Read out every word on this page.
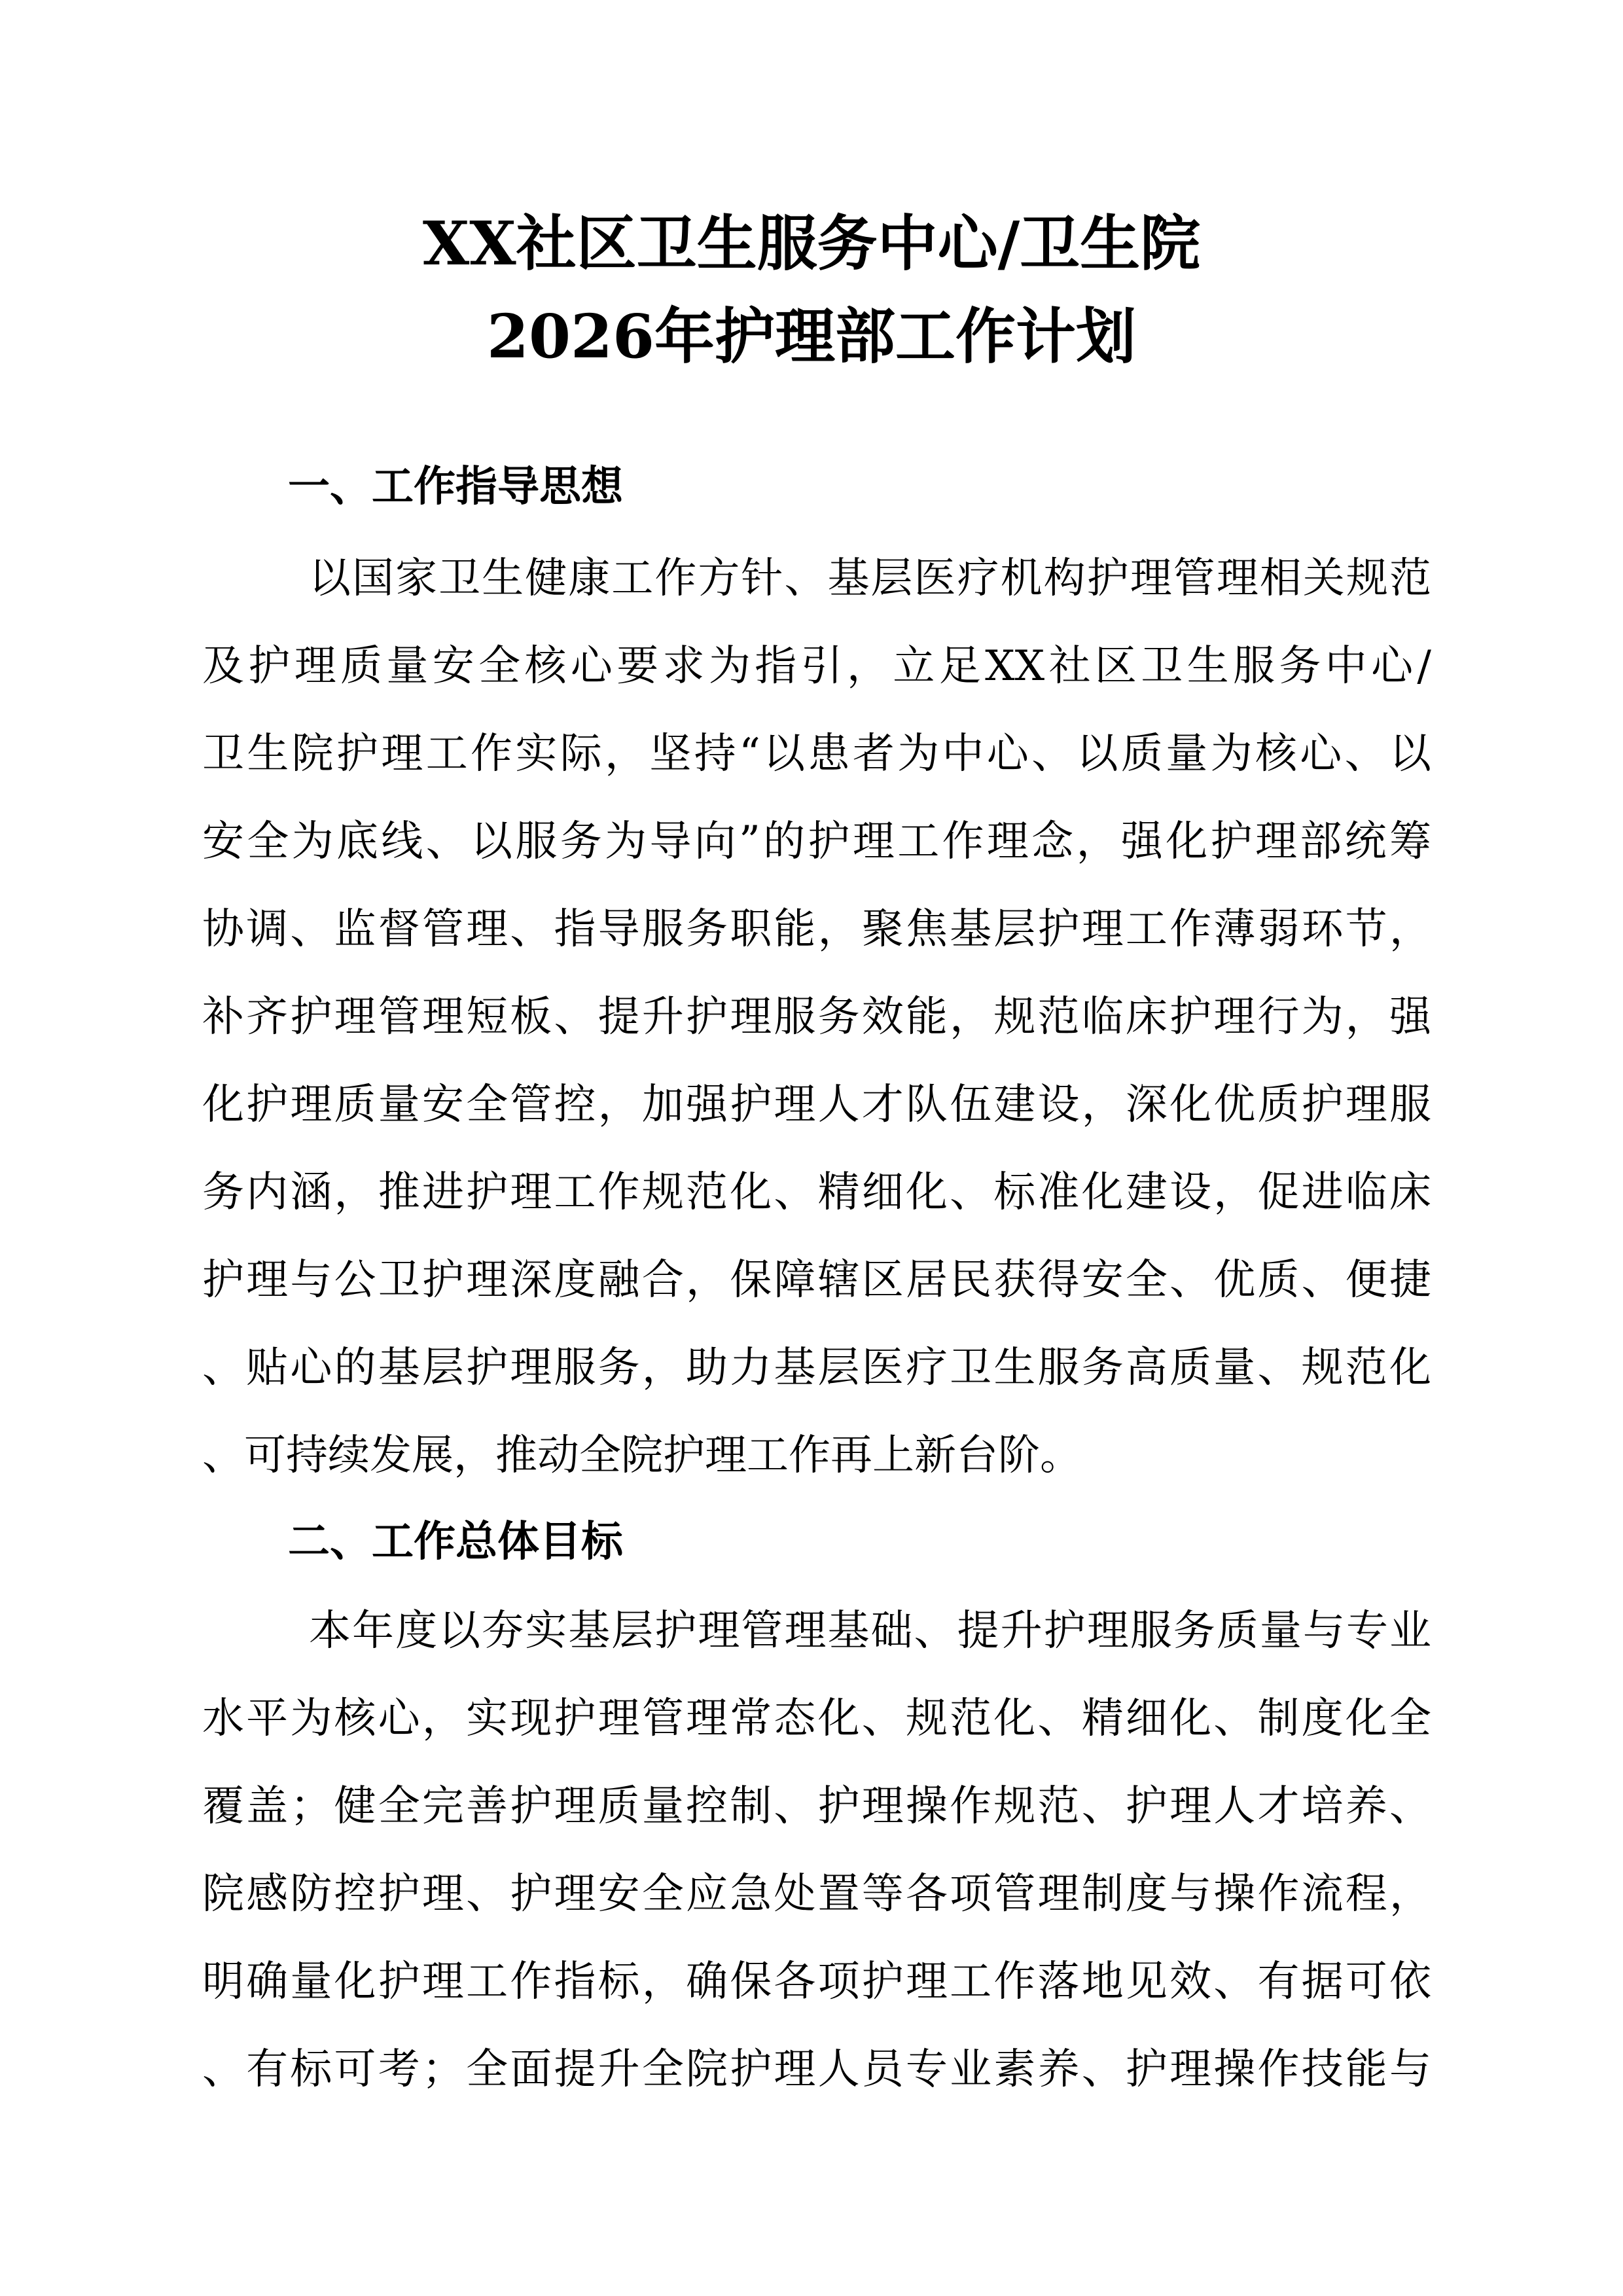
XX社区卫生服务中心/卫生院
2026年护理部工作计划
一、工作指导思想
以国家卫生健康工作方针、基层医疗机构护理管理相关规范
及护理质量安全核心要求为指引，立足XX社区卫生服务中心/
卫生院护理工作实际，坚持“以患者为中心、以质量为核心、以
安全为底线、以服务为导向”的护理工作理念，强化护理部统筹
协调、监督管理、指导服务职能，聚焦基层护理工作薄弱环节，
补齐护理管理短板、提升护理服务效能，规范临床护理行为，强
化护理质量安全管控，加强护理人才队伍建设，深化优质护理服
务内涵，推进护理工作规范化、精细化、标准化建设，促进临床
护理与公卫护理深度融合，保障辖区居民获得安全、优质、便捷
、贴心的基层护理服务，助力基层医疗卫生服务高质量、规范化
、可持续发展，推动全院护理工作再上新台阶。
二、工作总体目标
本年度以夯实基层护理管理基础、提升护理服务质量与专业
水平为核心，实现护理管理常态化、规范化、精细化、制度化全
覆盖；健全完善护理质量控制、护理操作规范、护理人才培养、
院感防控护理、护理安全应急处置等各项管理制度与操作流程，
明确量化护理工作指标，确保各项护理工作落地见效、有据可依
、有标可考；全面提升全院护理人员专业素养、护理操作技能与
